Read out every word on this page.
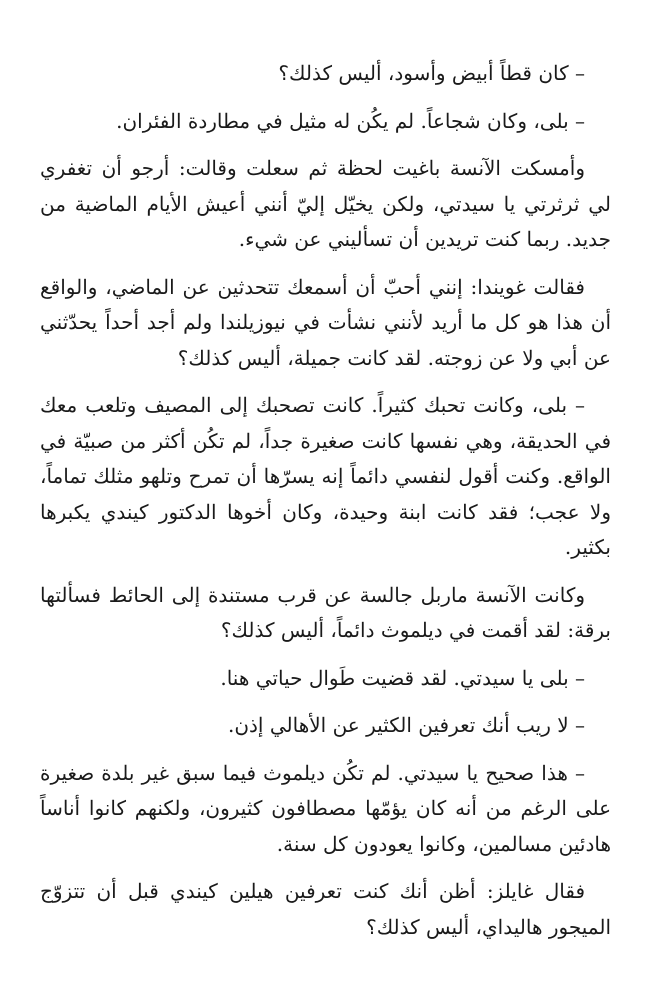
– كان قطاً أبيض وأسود، أليس كذلك؟

– بلى، وكان شجاعاً. لم يكُن له مثيل في مطاردة الفئران.

وأمسكت الآنسة باغيت لحظة ثم سعلت وقالت: أرجو أن تغفري لي ثرثرتي يا سيدتي، ولكن يخيّل إليّ أنني أعيش الأيام الماضية من جديد. ربما كنت تريدين أن تسأليني عن شيء.

فقالت غويندا: إنني أحبّ أن أسمعك تتحدثين عن الماضي، والواقع أن هذا هو كل ما أريد لأنني نشأت في نيوزيلندا ولم أجد أحداً يحدّثني عن أبي ولا عن زوجته. لقد كانت جميلة، أليس كذلك؟

– بلى، وكانت تحبك كثيراً. كانت تصحبك إلى المصيف وتلعب معك في الحديقة، وهي نفسها كانت صغيرة جداً، لم تكُن أكثر من صبيّة في الواقع. وكنت أقول لنفسي دائماً إنه يسرّها أن تمرح وتلهو مثلك تماماً، ولا عجب؛ فقد كانت ابنة وحيدة، وكان أخوها الدكتور كيندي يكبرها بكثير.

وكانت الآنسة ماربل جالسة عن قرب مستندة إلى الحائط فسألتها برقة: لقد أقمت في ديلموث دائماً، أليس كذلك؟

– بلى يا سيدتي. لقد قضيت طَوال حياتي هنا.

– لا ريب أنك تعرفين الكثير عن الأهالي إذن.

– هذا صحيح يا سيدتي. لم تكُن ديلموث فيما سبق غير بلدة صغيرة على الرغم من أنه كان يؤمّها مصطافون كثيرون، ولكنهم كانوا أناساً هادئين مسالمين، وكانوا يعودون كل سنة.

فقال غايلز: أظن أنك كنت تعرفين هيلين كيندي قبل أن تتزوّج الميجور هاليداي، أليس كذلك؟
